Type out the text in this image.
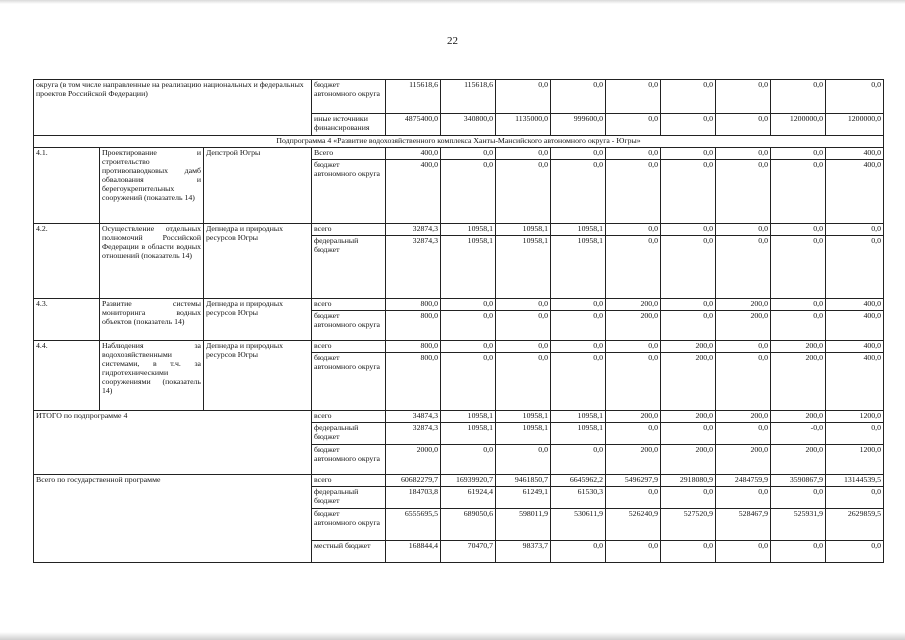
22
округа (в том числе направленные на реализацию национальных и федеральных проектов Российской Федерации)			бюджет автономного округа	115618,6	115618,6	0,0	0,0	0,0	0,0	0,0	0,0	0,0
			иные источники финансирования	4875400,0	340800,0	1135000,0	999600,0	0,0	0,0	0,0	1200000,0	1200000,0
Подпрограмма 4 «Развитие водохозяйственного комплекса Ханты-Мансийского автономного округа - Югры»												
4.1.	Проектирование и строительство противопаводковых дамб обвалования и берегоукрепительных сооружений (показатель 14)	Депстрой Югры	Всего	400,0	0,0	0,0	0,0	0,0	0,0	0,0	0,0	400,0
			бюджет автономного округа	400,0	0,0	0,0	0,0	0,0	0,0	0,0	0,0	400,0
4.2.	Осуществление отдельных полномочий Российской Федерации в области водных отношений (показатель 14)	Депнедра и природных ресурсов Югры	всего	32874,3	10958,1	10958,1	10958,1	0,0	0,0	0,0	0,0	0,0
			федеральный бюджет	32874,3	10958,1	10958,1	10958,1	0,0	0,0	0,0	0,0	0,0
4.3.	Развитие системы мониторинга водных объектов (показатель 14)	Депнедра и природных ресурсов Югры	всего	800,0	0,0	0,0	0,0	200,0	0,0	200,0	0,0	400,0
			бюджет автономного округа	800,0	0,0	0,0	0,0	200,0	0,0	200,0	0,0	400,0
4.4.	Наблюдения за водохозяйственными системами, в т.ч. за гидротехническими сооружениями (показатель 14)	Депнедра и природных ресурсов Югры	всего	800,0	0,0	0,0	0,0	0,0	200,0	0,0	200,0	400,0
			бюджет автономного округа	800,0	0,0	0,0	0,0	0,0	200,0	0,0	200,0	400,0
ИТОГО по подпрограмме 4			всего	34874,3	10958,1	10958,1	10958,1	200,0	200,0	200,0	200,0	1200,0
			федеральный бюджет	32874,3	10958,1	10958,1	10958,1	0,0	0,0	0,0	-0,0	0,0
			бюджет автономного округа	2000,0	0,0	0,0	0,0	200,0	200,0	200,0	200,0	1200,0
Всего по государственной программе			всего	60682279,7	16939920,7	9461850,7	6645962,2	5496297,9	2918080,9	2484759,9	3590867,9	13144539,5
			федеральный бюджет	184703,8	61924,4	61249,1	61530,3	0,0	0,0	0,0	0,0	0,0
			бюджет автономного округа	6555695,5	689050,6	598011,9	530611,9	526240,9	527520,9	528467,9	525931,9	2629859,5
			местный бюджет	168844,4	70470,7	98373,7	0,0	0,0	0,0	0,0	0,0	0,0
